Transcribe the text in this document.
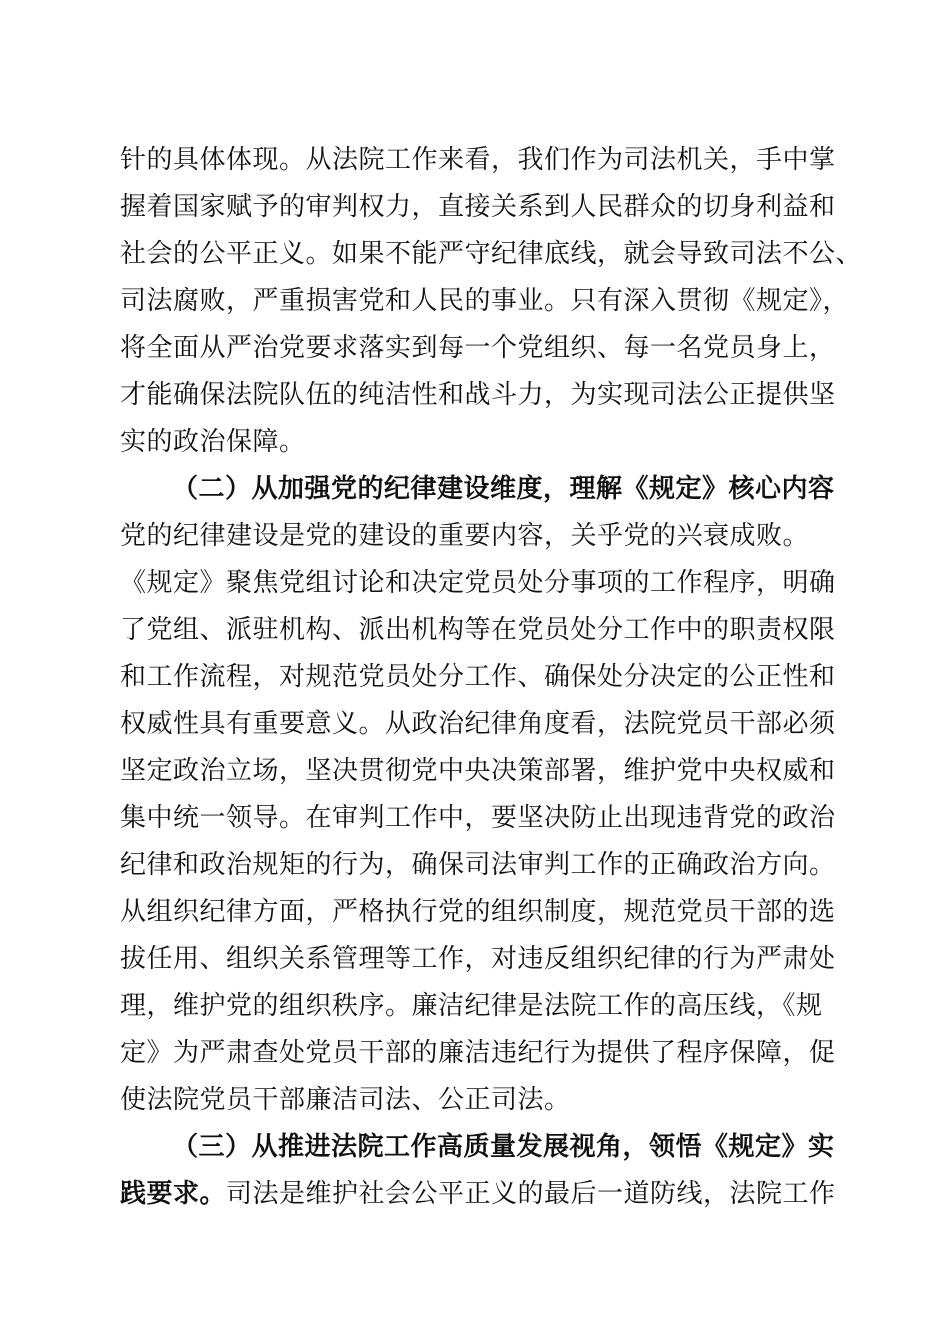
针的具体体现。从法院工作来看，我们作为司法机关，手中掌
握着国家赋予的审判权力，直接关系到人民群众的切身利益和
社会的公平正义。如果不能严守纪律底线，就会导致司法不公、
司法腐败，严重损害党和人民的事业。只有深入贯彻《规定》，
将全面从严治党要求落实到每一个党组织、每一名党员身上，
才能确保法院队伍的纯洁性和战斗力，为实现司法公正提供坚
实的政治保障。
（二）从加强党的纪律建设维度，理解《规定》核心内容
党的纪律建设是党的建设的重要内容，关乎党的兴衰成败。
《规定》聚焦党组讨论和决定党员处分事项的工作程序，明确
了党组、派驻机构、派出机构等在党员处分工作中的职责权限
和工作流程，对规范党员处分工作、确保处分决定的公正性和
权威性具有重要意义。从政治纪律角度看，法院党员干部必须
坚定政治立场，坚决贯彻党中央决策部署，维护党中央权威和
集中统一领导。在审判工作中，要坚决防止出现违背党的政治
纪律和政治规矩的行为，确保司法审判工作的正确政治方向。
从组织纪律方面，严格执行党的组织制度，规范党员干部的选
拔任用、组织关系管理等工作，对违反组织纪律的行为严肃处
理，维护党的组织秩序。廉洁纪律是法院工作的高压线，《规
定》为严肃查处党员干部的廉洁违纪行为提供了程序保障，促
使法院党员干部廉洁司法、公正司法。
（三）从推进法院工作高质量发展视角，领悟《规定》实
践要求。司法是维护社会公平正义的最后一道防线，法院工作
